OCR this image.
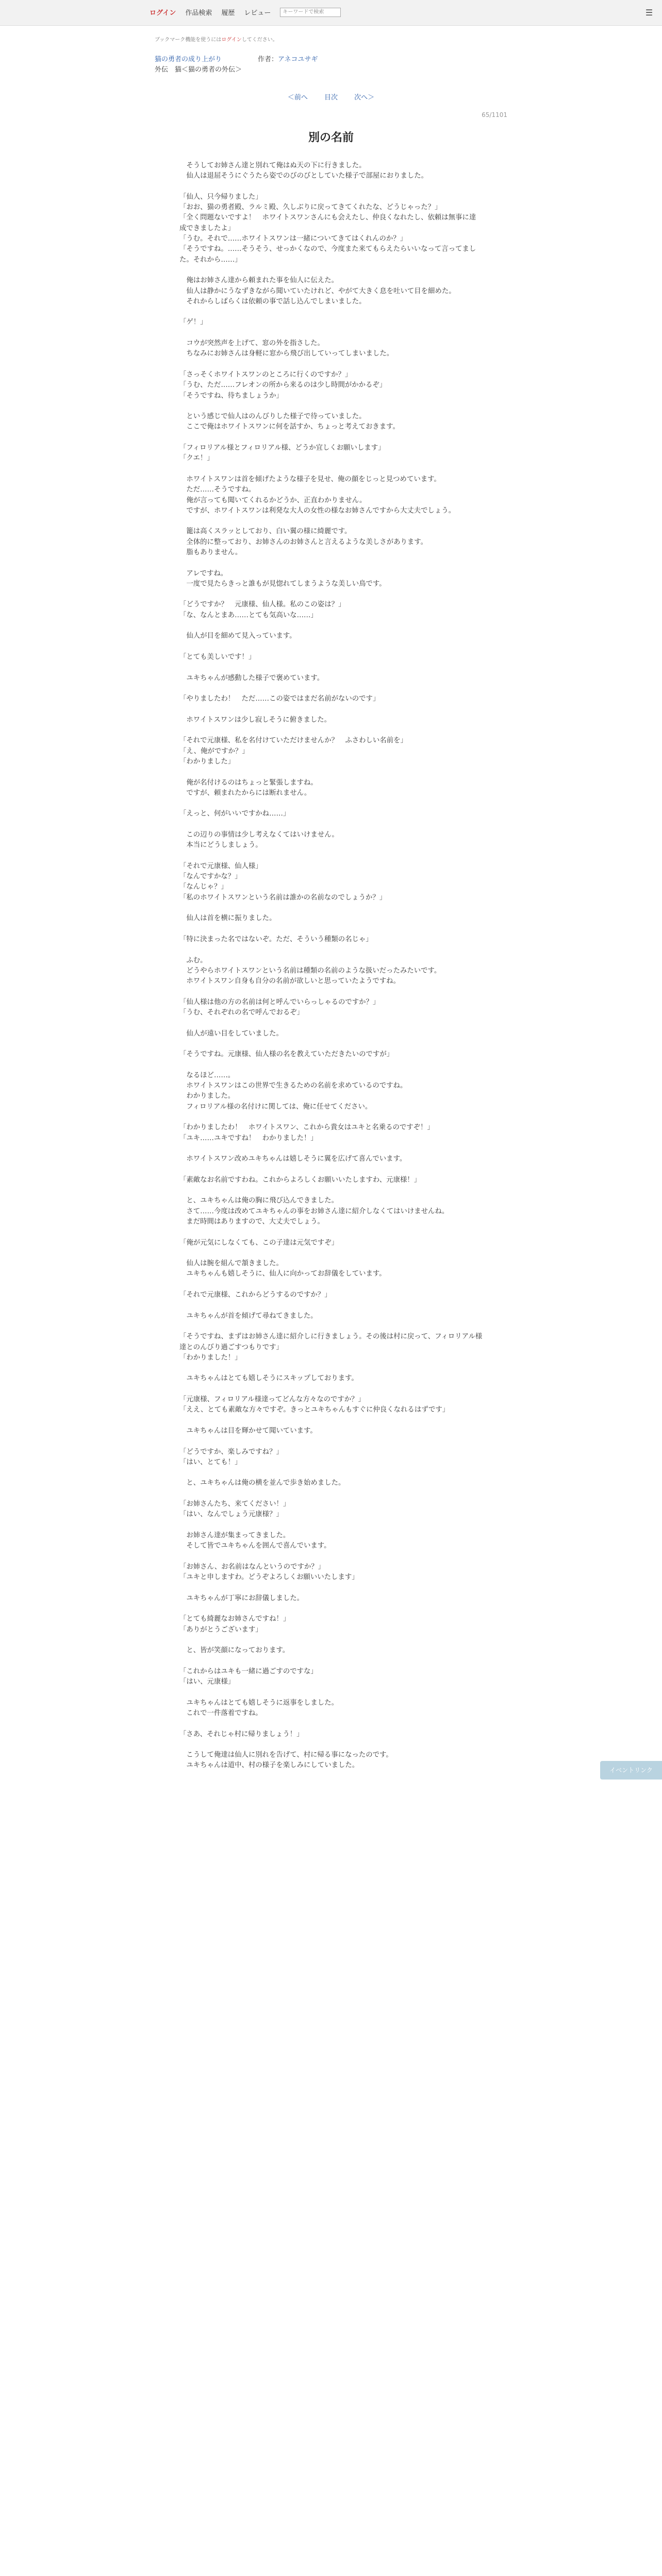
ログイン 作品検索 履歴 レビュー	キーワードで検索	☰
ブックマーク機能を使うにはログインしてください。
猫の勇者の成り上がり	作者：アネコユサギ
外伝　猫＜猫の勇者の外伝＞
＜前へ 目次 次へ＞
65/1101
別の名前

　そうしてお姉さん達と別れて俺はぬ天の下に行きました。
　仙人は退屈そうにぐうたら姿でのびのびとしていた様子で部屋におりました。

「仙人、只今帰りました」
「おお、猫の勇者殿、ラルミ殿、久しぶりに戻ってきてくれたな、どうじゃった？」
「全く問題ないですよ！　ホワイトスワンさんにも会えたし、仲良くなれたし、依頼は無事に達成できましたよ」
「うむ。それで……ホワイトスワンは一緒についてきてはくれんのか？」
「そうですね。……そうそう、せっかくなので、今度また来てもらえたらいいなって言ってました。それから……」

　俺はお姉さん達から頼まれた事を仙人に伝えた。
　仙人は静かにうなずきながら聞いていたけれど、やがて大きく息を吐いて目を細めた。
　それからしばらくは依頼の事で話し込んでしまいました。

「ゲ！」

　コウが突然声を上げて、窓の外を指さした。
　ちなみにお姉さんは身軽に窓から飛び出していってしまいました。

「さっそくホワイトスワンのところに行くのですか？」
「うむ、ただ……フレオンの所から来るのは少し時間がかかるぞ」
「そうですね、待ちましょうか」

　という感じで仙人はのんびりした様子で待っていました。
　ここで俺はホワイトスワンに何を話すか、ちょっと考えておきます。

「フィロリアル様とフィロリアル様、どうか宜しくお願いします」
「クエ！」

　ホワイトスワンは首を傾げたような様子を見せ、俺の顔をじっと見つめています。
　ただ……そうですね。
　俺が言っても聞いてくれるかどうか、正直わかりません。
　ですが、ホワイトスワンは利発な大人の女性の様なお姉さんですから大丈夫でしょう。

　籠は高くスラッとしており、白い翼の様に綺麗です。
　全体的に整っており、お姉さんのお姉さんと言えるような美しさがあります。
　脂もありません。

　アレですね。
　一度で見たらきっと誰もが見惚れてしまうような美しい鳥です。

「どうですか？　元康様、仙人様。私のこの姿は？」
「な、なんとまあ……とても気高いな……」

　仙人が目を細めて見入っています。

「とても美しいです！」

　ユキちゃんが感動した様子で褒めています。

「やりましたわ！　ただ……この姿ではまだ名前がないのです」

　ホワイトスワンは少し寂しそうに俯きました。

「それで元康様、私を名付けていただけませんか？　ふさわしい名前を」
「え、俺がですか？」
「わかりました」

　俺が名付けるのはちょっと緊張しますね。
　ですが、頼まれたからには断れません。

「えっと、何がいいですかね……」

　この辺りの事情は少し考えなくてはいけません。
　本当にどうしましょう。

「それで元康様、仙人様」
「なんですかな？」
「なんじゃ？」
「私のホワイトスワンという名前は誰かの名前なのでしょうか？」

　仙人は首を横に振りました。

「特に決まった名ではないぞ。ただ、そういう種類の名じゃ」

　ふむ。
　どうやらホワイトスワンという名前は種類の名前のような扱いだったみたいです。
　ホワイトスワン自身も自分の名前が欲しいと思っていたようですね。

「仙人様は他の方の名前は何と呼んでいらっしゃるのですか？」
「うむ、それぞれの名で呼んでおるぞ」

　仙人が遠い目をしていました。

「そうですね。元康様、仙人様の名を教えていただきたいのですが」

　なるほど……。
　ホワイトスワンはこの世界で生きるための名前を求めているのですね。
　わかりました。
　フィロリアル様の名付けに関しては、俺に任せてください。

「わかりましたわ！　ホワイトスワン、これから貴女はユキと名乗るのですぞ！」
「ユキ……ユキですね！　わかりました！」

　ホワイトスワン改めユキちゃんは嬉しそうに翼を広げて喜んでいます。

「素敵なお名前ですわね。これからよろしくお願いいたしますわ、元康様！」

　と、ユキちゃんは俺の胸に飛び込んできました。
　さて……今度は改めてユキちゃんの事をお姉さん達に紹介しなくてはいけませんね。
　まだ時間はありますので、大丈夫でしょう。

「俺が元気にしなくても、この子達は元気ですぞ」

　仙人は腕を組んで頷きました。
　ユキちゃんも嬉しそうに、仙人に向かってお辞儀をしています。

「それで元康様、これからどうするのですか？」

　ユキちゃんが首を傾げて尋ねてきました。

「そうですね、まずはお姉さん達に紹介しに行きましょう。その後は村に戻って、フィロリアル様達とのんびり過ごすつもりです」
「わかりました！」

　ユキちゃんはとても嬉しそうにスキップしております。

「元康様、フィロリアル様達ってどんな方々なのですか？」
「ええ、とても素敵な方々ですぞ。きっとユキちゃんもすぐに仲良くなれるはずです」

　ユキちゃんは目を輝かせて聞いています。

「どうですか、楽しみですね？」
「はい、とても！」

　と、ユキちゃんは俺の横を並んで歩き始めました。

「お姉さんたち、来てください！」
「はい、なんでしょう元康様？」

　お姉さん達が集まってきました。
　そして皆でユキちゃんを囲んで喜んでいます。

「お姉さん、お名前はなんというのですか？」
「ユキと申しますわ。どうぞよろしくお願いいたします」

　ユキちゃんが丁寧にお辞儀しました。

「とても綺麗なお姉さんですね！」
「ありがとうございます」

　と、皆が笑顔になっております。

「これからはユキも一緒に過ごすのですな」
「はい、元康様」

　ユキちゃんはとても嬉しそうに返事をしました。
　これで一件落着ですね。

「さあ、それじゃ村に帰りましょう！」

　こうして俺達は仙人に別れを告げて、村に帰る事になったのです。
　ユキちゃんは道中、村の様子を楽しみにしていました。

イベントリンク
